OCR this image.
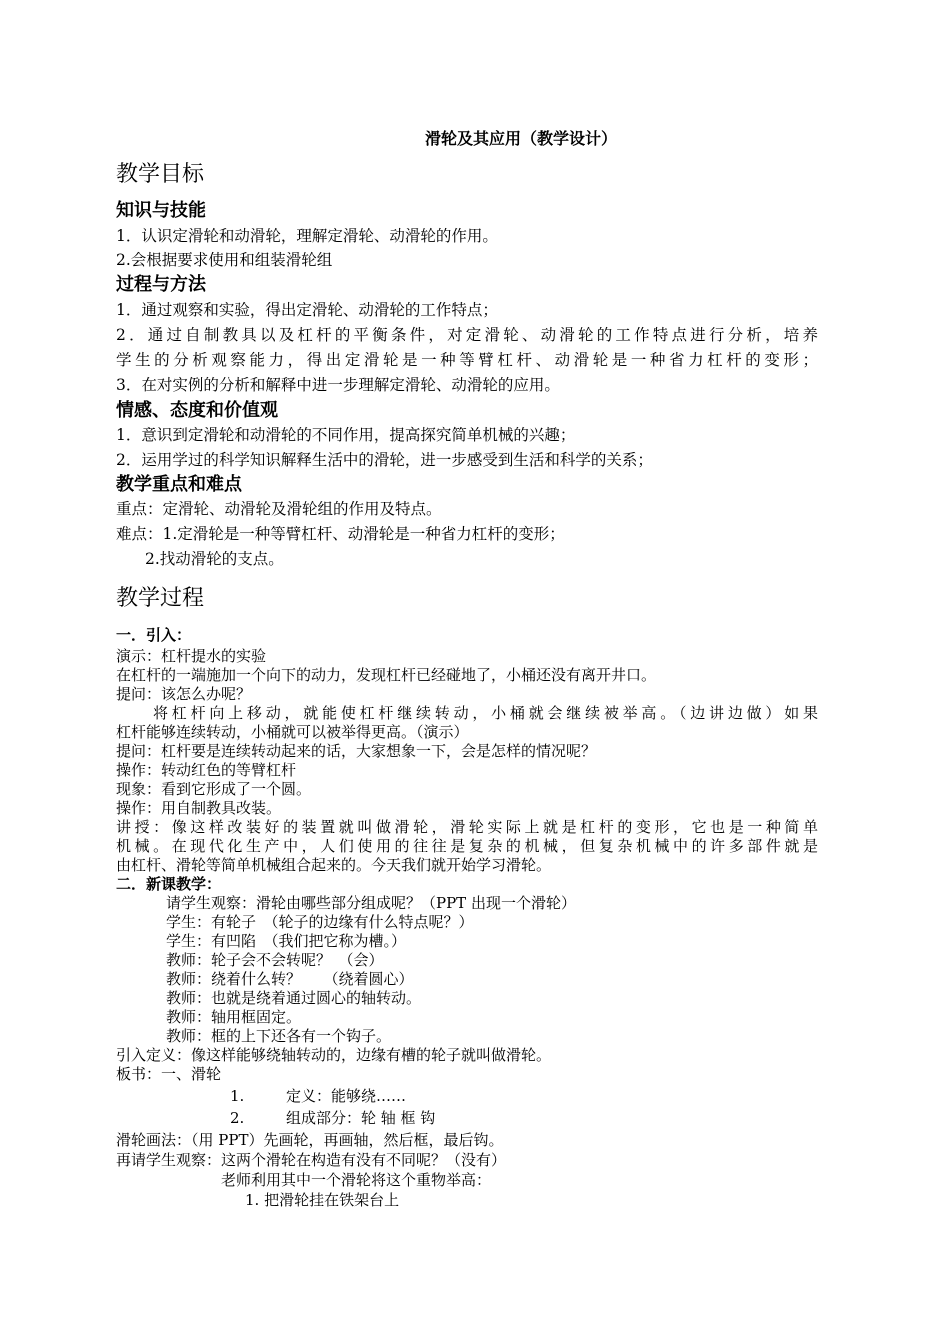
滑轮及其应用（教学设计）
教学目标
知识与技能
1．认识定滑轮和动滑轮，理解定滑轮、动滑轮的作用。
2.会根据要求使用和组装滑轮组
过程与方法
1．通过观察和实验，得出定滑轮、动滑轮的工作特点；
2．通过自制教具以及杠杆的平衡条件，对定滑轮、动滑轮的工作特点进行分析，培养
学生的分析观察能力，得出定滑轮是一种等臂杠杆、动滑轮是一种省力杠杆的变形；
3．在对实例的分析和解释中进一步理解定滑轮、动滑轮的应用。
情感、态度和价值观
1．意识到定滑轮和动滑轮的不同作用，提高探究简单机械的兴趣；
2．运用学过的科学知识解释生活中的滑轮，进一步感受到生活和科学的关系；
教学重点和难点
重点：定滑轮、动滑轮及滑轮组的作用及特点。
难点：1.定滑轮是一种等臂杠杆、动滑轮是一种省力杠杆的变形；
2.找动滑轮的支点。
教学过程
一．引入：
演示：杠杆提水的实验
在杠杆的一端施加一个向下的动力，发现杠杆已经碰地了，小桶还没有离开井口。
提问：该怎么办呢？
将杠杆向上移动，就能使杠杆继续转动，小桶就会继续被举高。（边讲边做）如果
杠杆能够连续转动，小桶就可以被举得更高。（演示）
提问：杠杆要是连续转动起来的话，大家想象一下，会是怎样的情况呢？
操作：转动红色的等臂杠杆
现象：看到它形成了一个圆。
操作：用自制教具改装。
讲授：像这样改装好的装置就叫做滑轮，滑轮实际上就是杠杆的变形，它也是一种简单
机械。在现代化生产中，人们使用的往往是复杂的机械，但复杂机械中的许多部件就是
由杠杆、滑轮等简单机械组合起来的。今天我们就开始学习滑轮。
二．新课教学：
请学生观察：滑轮由哪些部分组成呢？（PPT 出现一个滑轮）
学生：有轮子　（轮子的边缘有什么特点呢？）
学生：有凹陷　（我们把它称为槽。）
教师：轮子会不会转呢？　（会）
教师：绕着什么转？　　（绕着圆心）
教师：也就是绕着通过圆心的轴转动。
教师：轴用框固定。
教师：框的上下还各有一个钩子。
引入定义：像这样能够绕轴转动的，边缘有槽的轮子就叫做滑轮。
板书：一、滑轮
1.	定义：能够绕……
2.	组成部分：轮 轴 框 钩
滑轮画法：（用 PPT）先画轮，再画轴，然后框，最后钩。
再请学生观察：这两个滑轮在构造有没有不同呢？（没有）
老师利用其中一个滑轮将这个重物举高：
1. 把滑轮挂在铁架台上
